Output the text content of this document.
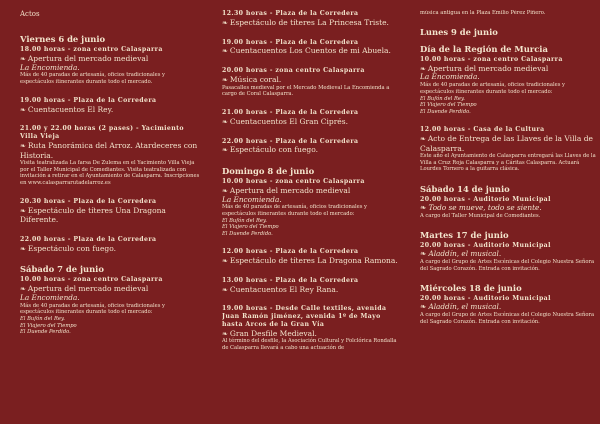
Actos
Viernes 6 de junio
18.00 horas - zona centro Calasparra
❧ Apertura del mercado medieval
La Encomienda.
Más de 40 paradas de artesanía, oficios tradicionales y espectáculos itinerantes durante todo el mercado.
19.00 horas - Plaza de la Corredera
❧ Cuentacuentos El Rey.
21.00 y 22.00 horas (2 pases) - Yacimiento Villa Vieja
❧ Ruta Panorámica del Arroz. Atardeceres con Historia.
Visita teatralizada La farsa De Zulema en el Yacimiento Villa Vieja por el Taller Municipal de Comediantes. Visita teatralizada con invitación a retirar en el Ayuntamiento de Calasparra. Inscripciones en www.calasparrarutadelarroz.es
20.30 horas - Plaza de la Corredera
❧ Espectáculo de títeres Una Dragona Diferente.
22.00 horas - Plaza de la Corredera
❧ Espectáculo con fuego.
Sábado 7 de junio
10.00 horas - zona centro Calasparra
❧ Apertura del mercado medieval
La Encomienda.
Más de 40 paradas de artesanía, oficios tradicionales y espectáculos itinerantes durante todo el mercado:
El Bufón del Rey.
El Viajero del Tiempo
El Duende Perdido.
12.30 horas - Plaza de la Corredera
❧ Espectáculo de títeres La Princesa Triste.
19.00 horas - Plaza de la Corredera
❧ Cuentacuentos Los Cuentos de mi Abuela.
20.00 horas - zona centro Calasparra
❧ Música coral.
Pasacalles medieval por el Mercado Medieval La Encomienda a cargo de Coral Calasparra.
21.00 horas - Plaza de la Corredera
❧ Cuentacuentos El Gran Ciprés.
22.00 horas - Plaza de la Corredera
❧ Espectáculo con fuego.
Domingo 8 de junio
10.00 horas - zona centro Calasparra
❧ Apertura del mercado medieval
La Encomienda.
Más de 40 paradas de artesanía, oficios tradicionales y espectáculos itinerantes durante todo el mercado:
El Bufón del Rey.
El Viajero del Tiempo
El Duende Perdido.
12.00 horas - Plaza de la Corredera
❧ Espectáculo de títeres La Dragona Ramona.
13.00 horas - Plaza de la Corredera
❧ Cuentacuentos El Rey Rana.
19.00 horas - Desde Calle textiles, avenida Juan Ramón jiménez, avenida 1º de Mayo hasta Arcos de la Gran Vía
❧ Gran Desfile Medieval.
Al término del desfile, la Asociación Cultural y Folclórica Rondalla de Calasparra llevará a cabo una actuación de
música antigua en la Plaza Emilio Pérez Piñero.
Lunes 9 de junio
Día de la Región de Murcia
10.00 horas - zona centro Calasparra
❧ Apertura del mercado medieval
La Encomienda.
Más de 40 paradas de artesanía, oficios tradicionales y espectáculos itinerantes durante todo el mercado:
El Bufón del Rey.
El Viajero del Tiempo
El Duende Perdido.
12.00 horas - Casa de la Cultura
❧ Acto de Entrega de las Llaves de la Villa de Calasparra.
Este año el Ayuntamiento de Calasparra entregará las Llaves de la Villa a Cruz Roja Calasparra y a Cáritas Calasparra. Actuará Lourdes Tornero a la guitarra clásica.
Sábado 14 de junio
20.00 horas - Auditorio Municipal
❧ Todo se mueve, todo se siente.
A cargo del Taller Municipal de Comediantes.
Martes 17 de junio
20.00 horas - Auditorio Municipal
❧ Aladdín, el musical.
A cargo del Grupo de Artes Escénicas del Colegio Nuestra Señora del Sagrado Corazón. Entrada con invitación.
Miércoles 18 de junio
20.00 horas - Auditorio Municipal
❧ Aladdín, el musical.
A cargo del Grupo de Artes Escénicas del Colegio Nuestra Señora del Sagrado Corazón. Entrada con invitación.
